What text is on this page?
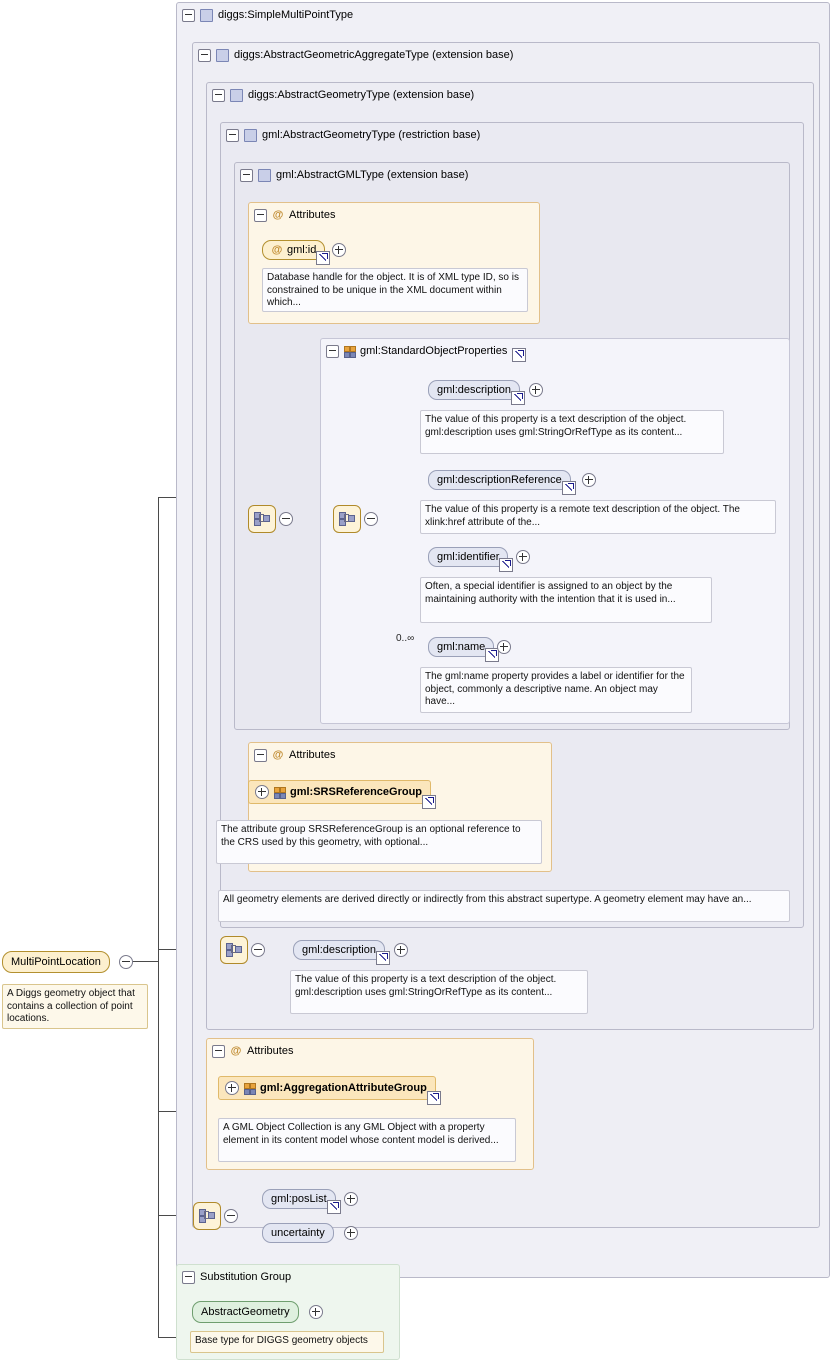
MultiPointLocation
A Diggs geometry object that contains a collection of point locations.
diggs:SimpleMultiPointType
diggs:AbstractGeometricAggregateType (extension base)
diggs:AbstractGeometryType (extension base)
gml:AbstractGeometryType (restriction base)
gml:AbstractGMLType (extension base)
@ Attributes
@ gml:id
Database handle for the object. It is of XML type ID, so is constrained to be unique in the XML document within which...
gml:StandardObjectProperties
gml:description
The value of this property is a text description of the object. gml:description uses gml:StringOrRefType as its content...
gml:descriptionReference
The value of this property is a remote text description of the object. The xlink:href attribute of the...
gml:identifier
Often, a special identifier is assigned to an object by the maintaining authority with the intention that it is used in...
0..∞
gml:name
The gml:name property provides a label or identifier for the object, commonly a descriptive name. An object may have...
@ Attributes
gml:SRSReferenceGroup
The attribute group SRSReferenceGroup is an optional reference to the CRS used by this geometry, with optional...
All geometry elements are derived directly or indirectly from this abstract supertype. A geometry element may have an...
gml:description
The value of this property is a text description of the object. gml:description uses gml:StringOrRefType as its content...
@ Attributes
gml:AggregationAttributeGroup
A GML Object Collection is any GML Object with a property element in its content model whose content model is derived...
gml:posList
uncertainty
Substitution Group
AbstractGeometry
Base type for DIGGS geometry objects
